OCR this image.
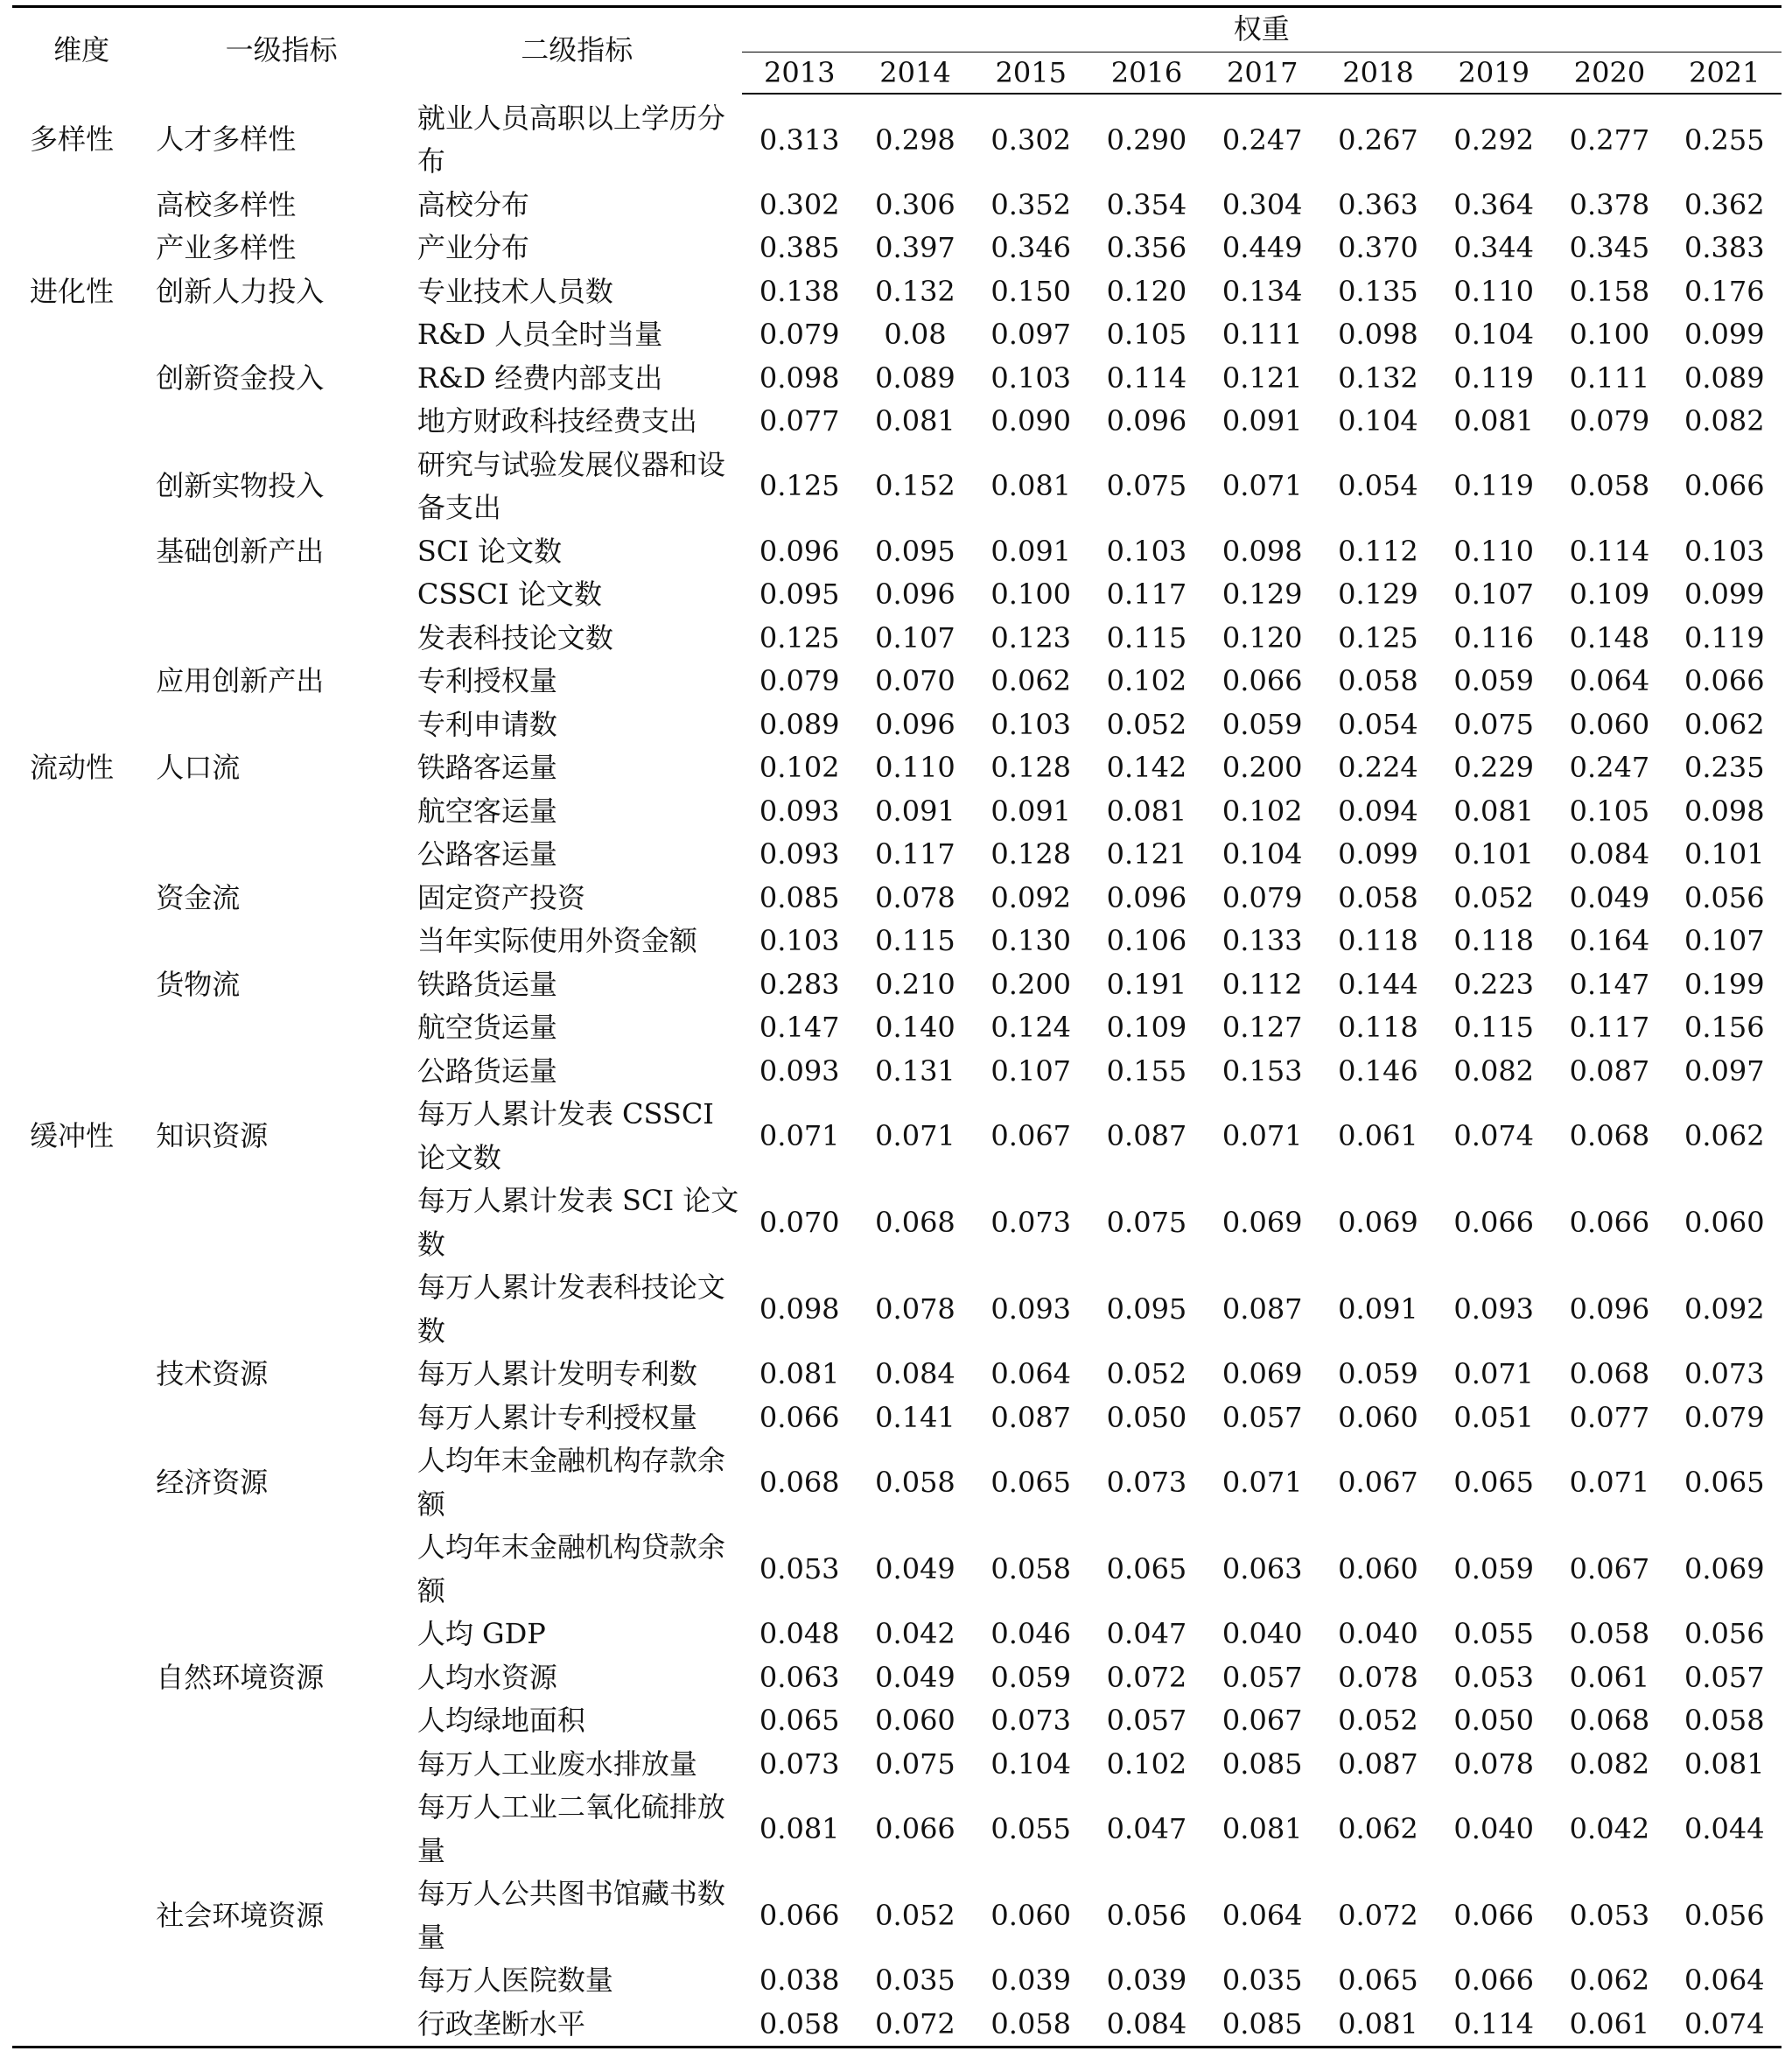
维度	一级指标	二级指标	权重								
			2013	2014	2015	2016	2017	2018	2019	2020	2021
多样性	人才多样性	就业人员高职以上学历分布	0.313	0.298	0.302	0.290	0.247	0.267	0.292	0.277	0.255
	高校多样性	高校分布	0.302	0.306	0.352	0.354	0.304	0.363	0.364	0.378	0.362
	产业多样性	产业分布	0.385	0.397	0.346	0.356	0.449	0.370	0.344	0.345	0.383
进化性	创新人力投入	专业技术人员数	0.138	0.132	0.150	0.120	0.134	0.135	0.110	0.158	0.176
		R&D 人员全时当量	0.079	0.08	0.097	0.105	0.111	0.098	0.104	0.100	0.099
	创新资金投入	R&D 经费内部支出	0.098	0.089	0.103	0.114	0.121	0.132	0.119	0.111	0.089
		地方财政科技经费支出	0.077	0.081	0.090	0.096	0.091	0.104	0.081	0.079	0.082
	创新实物投入	研究与试验发展仪器和设备支出	0.125	0.152	0.081	0.075	0.071	0.054	0.119	0.058	0.066
	基础创新产出	SCI 论文数	0.096	0.095	0.091	0.103	0.098	0.112	0.110	0.114	0.103
		CSSCI 论文数	0.095	0.096	0.100	0.117	0.129	0.129	0.107	0.109	0.099
		发表科技论文数	0.125	0.107	0.123	0.115	0.120	0.125	0.116	0.148	0.119
	应用创新产出	专利授权量	0.079	0.070	0.062	0.102	0.066	0.058	0.059	0.064	0.066
		专利申请数	0.089	0.096	0.103	0.052	0.059	0.054	0.075	0.060	0.062
流动性	人口流	铁路客运量	0.102	0.110	0.128	0.142	0.200	0.224	0.229	0.247	0.235
		航空客运量	0.093	0.091	0.091	0.081	0.102	0.094	0.081	0.105	0.098
		公路客运量	0.093	0.117	0.128	0.121	0.104	0.099	0.101	0.084	0.101
	资金流	固定资产投资	0.085	0.078	0.092	0.096	0.079	0.058	0.052	0.049	0.056
		当年实际使用外资金额	0.103	0.115	0.130	0.106	0.133	0.118	0.118	0.164	0.107
	货物流	铁路货运量	0.283	0.210	0.200	0.191	0.112	0.144	0.223	0.147	0.199
		航空货运量	0.147	0.140	0.124	0.109	0.127	0.118	0.115	0.117	0.156
		公路货运量	0.093	0.131	0.107	0.155	0.153	0.146	0.082	0.087	0.097
缓冲性	知识资源	每万人累计发表 CSSCI 论文数	0.071	0.071	0.067	0.087	0.071	0.061	0.074	0.068	0.062
		每万人累计发表 SCI 论文数	0.070	0.068	0.073	0.075	0.069	0.069	0.066	0.066	0.060
		每万人累计发表科技论文数	0.098	0.078	0.093	0.095	0.087	0.091	0.093	0.096	0.092
	技术资源	每万人累计发明专利数	0.081	0.084	0.064	0.052	0.069	0.059	0.071	0.068	0.073
		每万人累计专利授权量	0.066	0.141	0.087	0.050	0.057	0.060	0.051	0.077	0.079
	经济资源	人均年末金融机构存款余额	0.068	0.058	0.065	0.073	0.071	0.067	0.065	0.071	0.065
		人均年末金融机构贷款余额	0.053	0.049	0.058	0.065	0.063	0.060	0.059	0.067	0.069
		人均 GDP	0.048	0.042	0.046	0.047	0.040	0.040	0.055	0.058	0.056
	自然环境资源	人均水资源	0.063	0.049	0.059	0.072	0.057	0.078	0.053	0.061	0.057
		人均绿地面积	0.065	0.060	0.073	0.057	0.067	0.052	0.050	0.068	0.058
		每万人工业废水排放量	0.073	0.075	0.104	0.102	0.085	0.087	0.078	0.082	0.081
		每万人工业二氧化硫排放量	0.081	0.066	0.055	0.047	0.081	0.062	0.040	0.042	0.044
	社会环境资源	每万人公共图书馆藏书数量	0.066	0.052	0.060	0.056	0.064	0.072	0.066	0.053	0.056
		每万人医院数量	0.038	0.035	0.039	0.039	0.035	0.065	0.066	0.062	0.064
		行政垄断水平	0.058	0.072	0.058	0.084	0.085	0.081	0.114	0.061	0.074
